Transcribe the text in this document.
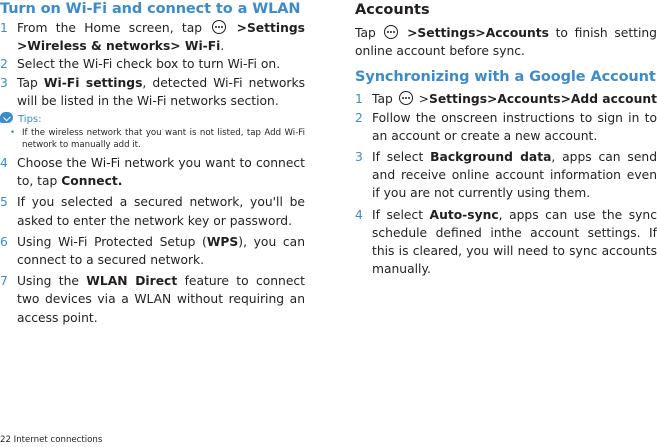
Turn on Wi-Fi and connect to a WLAN
1 From the Home screen, tap	>Settings >Wireless & networks> Wi-Fi.
2 Select the Wi-Fi check box to turn Wi-Fi on.
3 Tap Wi-Fi settings, detected Wi-Fi networks will be listed in the Wi-Fi networks section.
Tips:
• If the wireless network that you want is not listed, tap Add Wi-Fi network to manually add it.
4 Choose the Wi-Fi network you want to connect to, tap Connect.
5 If you selected a secured network, you'll be asked to enter the network key or password.
6 Using Wi-Fi Protected Setup (WPS), you can connect to a secured network.
7 Using the WLAN Direct feature to connect two devices via a WLAN without requiring an access point.
Accounts

Tap	>Settings>Accounts to finish setting online account before sync.

Synchronizing with a Google Account
1 Tap >Settings>Accounts>Add account
2 Follow the onscreen instructions to sign in to an account or create a new account.
3 If select Background data, apps can send and receive online account information even if you are not currently using them.
4 If select Auto-sync, apps can use the sync schedule defined inthe account settings. If this is cleared, you will need to sync accounts manually.
22 Internet connections
